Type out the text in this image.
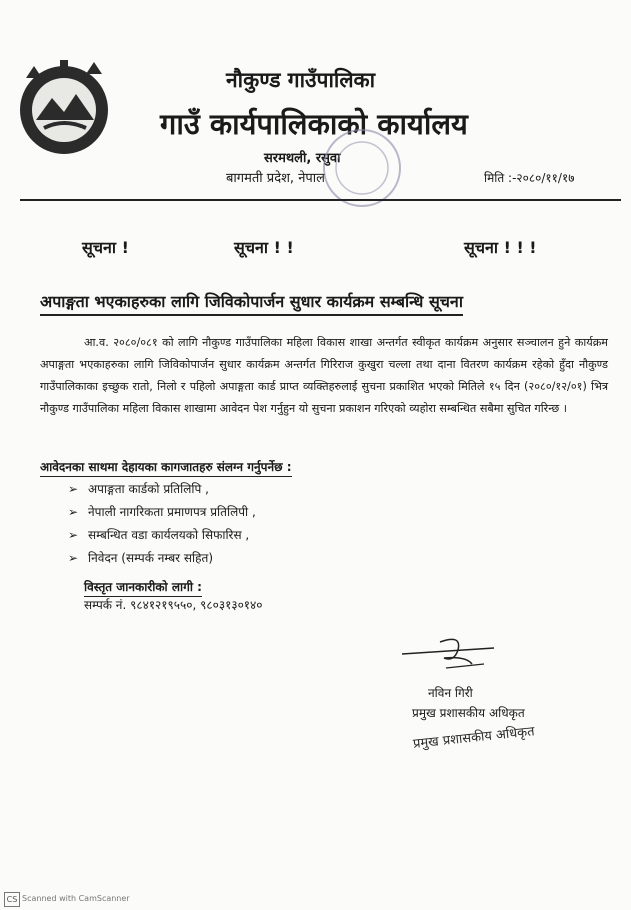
नौकुण्ड गाउँपालिका
गाउँ कार्यपालिकाको कार्यालय
सरमथली, रसुवा
बागमती प्रदेश, नेपाल	मिति :-२०८०/११/१७
सूचना !	सूचना ! !	सूचना ! ! !
अपाङ्गता भएकाहरुका लागि जिविकोपार्जन सुधार कार्यक्रम सम्बन्धि सूचना
आ.व. २०८०/०८१ को लागि नौकुण्ड गाउँपालिका महिला विकास शाखा अन्तर्गत स्वीकृत कार्यक्रम अनुसार सञ्चालन हुने कार्यक्रम अपाङ्गता भएकाहरुका लागि जिविकोपार्जन सुधार कार्यक्रम अन्तर्गत गिरिराज कुखुरा चल्ला तथा दाना वितरण कार्यक्रम रहेको हुँदा नौकुण्ड गाउँपालिकाका इच्छुक रातो, निलो र पहिलो अपाङ्गता कार्ड प्राप्त व्यक्तिहरुलाई सुचना प्रकाशित भएको मितिले १५ दिन (२०८०/१२/०१) भित्र नौकुण्ड गाउँपालिका महिला विकास शाखामा आवेदन पेश गर्नुहुन यो सुचना प्रकाशन गरिएको व्यहोरा सम्बन्धित सबैमा सुचित गरिन्छ ।
आवेदनका साथमा देहायका कागजातहरु संलग्न गर्नुपर्नेछ :
➢ अपाङ्गता कार्डको प्रतिलिपि ,
➢ नेपाली नागरिकता प्रमाणपत्र प्रतिलिपी ,
➢ सम्बन्धित वडा कार्यलयको सिफारिस ,
➢ निवेदन (सम्पर्क नम्बर सहित)
विस्तृत जानकारीको लागी :
सम्पर्क नं. ९८४१२१९५५०, ९८०३१३०१४०
नविन गिरी
प्रमुख प्रशासकीय अधिकृत
प्रमुख प्रशासकीय अधिकृत
CS Scanned with CamScanner
